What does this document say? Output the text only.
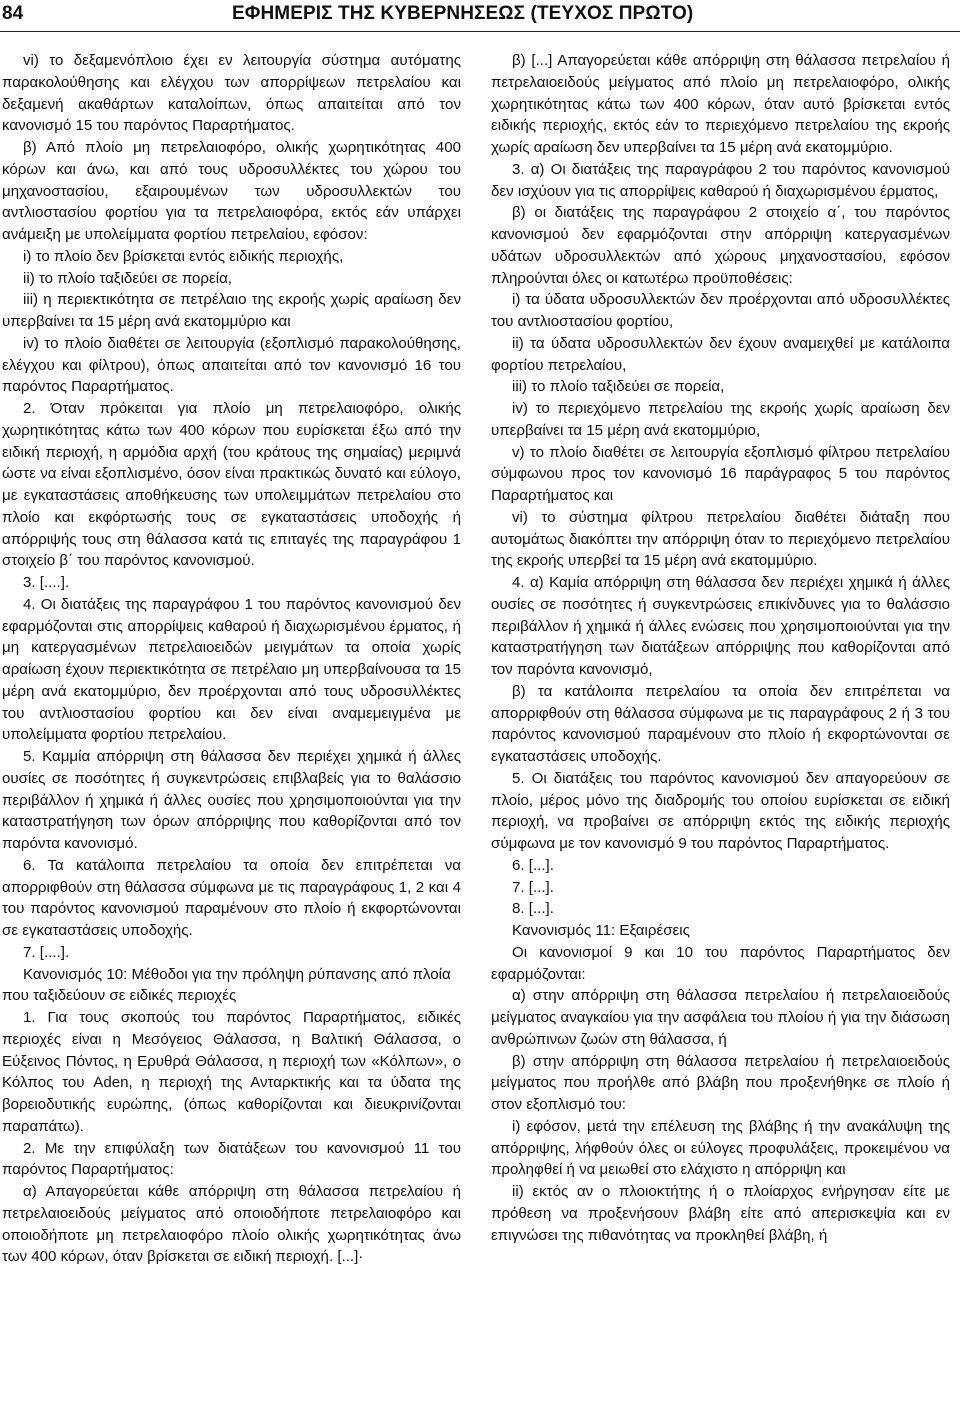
84	ΕΦΗΜΕΡΙΣ ΤΗΣ ΚΥΒΕΡΝΗΣΕΩΣ (ΤΕΥΧΟΣ ΠΡΩΤΟ)

vi) το δεξαμενόπλοιο έχει εν λειτουργία σύστημα αυτόματης παρακολούθησης και ελέγχου των απορρίψεων πετρελαίου και δεξαμενή ακαθάρτων καταλοίπων, όπως απαιτείται από τον κανονισμό 15 του παρόντος Παραρτήματος.

β) Από πλοίο μη πετρελαιοφόρο, ολικής χωρητικότητας 400 κόρων και άνω, και από τους υδροσυλλέκτες του χώρου του μηχανοστασίου, εξαιρουμένων των υδροσυλλεκτών του αντλιοστασίου φορτίου για τα πετρελαιοφόρα, εκτός εάν υπάρχει ανάμειξη με υπολείμματα φορτίου πετρελαίου, εφόσον:

i) το πλοίο δεν βρίσκεται εντός ειδικής περιοχής,

ii) το πλοίο ταξιδεύει σε πορεία,

iii) η περιεκτικότητα σε πετρέλαιο της εκροής χωρίς αραίωση δεν υπερβαίνει τα 15 μέρη ανά εκατομμύριο και

iv) το πλοίο διαθέτει σε λειτουργία (εξοπλισμό παρακολούθησης, ελέγχου και φίλτρου), όπως απαιτείται από τον κανονισμό 16 του παρόντος Παραρτήματος.

2. Όταν πρόκειται για πλοίο μη πετρελαιοφόρο, ολικής χωρητικότητας κάτω των 400 κόρων που ευρίσκεται έξω από την ειδική περιοχή, η αρμόδια αρχή (του κράτους της σημαίας) μεριμνά ώστε να είναι εξοπλισμένο, όσον είναι πρακτικώς δυνατό και εύλογο, με εγκαταστάσεις αποθήκευσης των υπολειμμάτων πετρελαίου στο πλοίο και εκφόρτωσής τους σε εγκαταστάσεις υποδοχής ή απόρριψής τους στη θάλασσα κατά τις επιταγές της παραγράφου 1 στοιχείο β΄ του παρόντος κανονισμού.

3. [....].

4. Οι διατάξεις της παραγράφου 1 του παρόντος κανονισμού δεν εφαρμόζονται στις απορρίψεις καθαρού ή διαχωρισμένου έρματος, ή μη κατεργασμένων πετρελαιοειδών μειγμάτων τα οποία χωρίς αραίωση έχουν περιεκτικότητα σε πετρέλαιο μη υπερβαίνουσα τα 15 μέρη ανά εκατομμύριο, δεν προέρχονται από τους υδροσυλλέκτες του αντλιοστασίου φορτίου και δεν είναι αναμεμειγμένα με υπολείμματα φορτίου πετρελαίου.

5. Καμμία απόρριψη στη θάλασσα δεν περιέχει χημικά ή άλλες ουσίες σε ποσότητες ή συγκεντρώσεις επιβλαβείς για το θαλάσσιο περιβάλλον ή χημικά ή άλλες ουσίες που χρησιμοποιούνται για την καταστρατήγηση των όρων απόρριψης που καθορίζονται από τον παρόντα κανονισμό.

6. Τα κατάλοιπα πετρελαίου τα οποία δεν επιτρέπεται να απορριφθούν στη θάλασσα σύμφωνα με τις παραγράφους 1, 2 και 4 του παρόντος κανονισμού παραμένουν στο πλοίο ή εκφορτώνονται σε εγκαταστάσεις υποδοχής.

7. [....].

Κανονισμός 10: Μέθοδοι για την πρόληψη ρύπανσης από πλοία που ταξιδεύουν σε ειδικές περιοχές

1. Για τους σκοπούς του παρόντος Παραρτήματος, ειδικές περιοχές είναι η Μεσόγειος Θάλασσα, η Βαλτική Θάλασσα, ο Εύξεινος Πόντος, η Ερυθρά Θάλασσα, η περιοχή των «Κόλπων», ο Κόλπος του Aden, η περιοχή της Ανταρκτικής και τα ύδατα της βορειοδυτικής ευρώπης, (όπως καθορίζονται και διευκρινίζονται παραπάτω).

2. Με την επιφύλαξη των διατάξεων του κανονισμού 11 του παρόντος Παραρτήματος:

α) Απαγορεύεται κάθε απόρριψη στη θάλασσα πετρελαίου ή πετρελαιοειδούς μείγματος από οποιοδήποτε πετρελαιοφόρο και οποιοδήποτε μη πετρελαιοφόρο πλοίο ολικής χωρητικότητας άνω των 400 κόρων, όταν βρίσκεται σε ειδική περιοχή. [...]·

β) [...] Απαγορεύεται κάθε απόρριψη στη θάλασσα πετρελαίου ή πετρελαιοειδούς μείγματος από πλοίο μη πετρελαιοφόρο, ολικής χωρητικότητας κάτω των 400 κόρων, όταν αυτό βρίσκεται εντός ειδικής περιοχής, εκτός εάν το περιεχόμενο πετρελαίου της εκροής χωρίς αραίωση δεν υπερβαίνει τα 15 μέρη ανά εκατομμύριο.

3. α) Οι διατάξεις της παραγράφου 2 του παρόντος κανονισμού δεν ισχύουν για τις απορρίψεις καθαρού ή διαχωρισμένου έρματος,

β) οι διατάξεις της παραγράφου 2 στοιχείο α΄, του παρόντος κανονισμού δεν εφαρμόζονται στην απόρριψη κατεργασμένων υδάτων υδροσυλλεκτών από χώρους μηχανοστασίου, εφόσον πληρούνται όλες οι κατωτέρω προϋποθέσεις:

i) τα ύδατα υδροσυλλεκτών δεν προέρχονται από υδροσυλλέκτες του αντλιοστασίου φορτίου,

ii) τα ύδατα υδροσυλλεκτών δεν έχουν αναμειχθεί με κατάλοιπα φορτίου πετρελαίου,

iii) το πλοίο ταξιδεύει σε πορεία,

iv) το περιεχόμενο πετρελαίου της εκροής χωρίς αραίωση δεν υπερβαίνει τα 15 μέρη ανά εκατομμύριο,

v) το πλοίο διαθέτει σε λειτουργία εξοπλισμό φίλτρου πετρελαίου σύμφωνου προς τον κανονισμό 16 παράγραφος 5 του παρόντος Παραρτήματος και

vi) το σύστημα φίλτρου πετρελαίου διαθέτει διάταξη που αυτομάτως διακόπτει την απόρριψη όταν το περιεχόμενο πετρελαίου της εκροής υπερβεί τα 15 μέρη ανά εκατομμύριο.

4. α) Καμία απόρριψη στη θάλασσα δεν περιέχει χημικά ή άλλες ουσίες σε ποσότητες ή συγκεντρώσεις επικίνδυνες για το θαλάσσιο περιβάλλον ή χημικά ή άλλες ενώσεις που χρησιμοποιούνται για την καταστρατήγηση των διατάξεων απόρριψης που καθορίζονται από τον παρόντα κανονισμό,

β) τα κατάλοιπα πετρελαίου τα οποία δεν επιτρέπεται να απορριφθούν στη θάλασσα σύμφωνα με τις παραγράφους 2 ή 3 του παρόντος κανονισμού παραμένουν στο πλοίο ή εκφορτώνονται σε εγκαταστάσεις υποδοχής.

5. Οι διατάξεις του παρόντος κανονισμού δεν απαγορεύουν σε πλοίο, μέρος μόνο της διαδρομής του οποίου ευρίσκεται σε ειδική περιοχή, να προβαίνει σε απόρριψη εκτός της ειδικής περιοχής σύμφωνα με τον κανονισμό 9 του παρόντος Παραρτήματος.

6. [...].

7. [...].

8. [...].

Κανονισμός 11: Εξαιρέσεις

Οι κανονισμοί 9 και 10 του παρόντος Παραρτήματος δεν εφαρμόζονται:

α) στην απόρριψη στη θάλασσα πετρελαίου ή πετρελαιοειδούς μείγματος αναγκαίου για την ασφάλεια του πλοίου ή για την διάσωση ανθρώπινων ζωών στη θάλασσα, ή

β) στην απόρριψη στη θάλασσα πετρελαίου ή πετρελαιοειδούς μείγματος που προήλθε από βλάβη που προξενήθηκε σε πλοίο ή στον εξοπλισμό του:

i) εφόσον, μετά την επέλευση της βλάβης ή την ανακάλυψη της απόρριψης, λήφθούν όλες οι εύλογες προφυλάξεις, προκειμένου να προληφθεί ή να μειωθεί στο ελάχιστο η απόρριψη και

ii) εκτός αν ο πλοιοκτήτης ή ο πλοίαρχος ενήργησαν είτε με πρόθεση να προξενήσουν βλάβη είτε από απερισκεψία και εν επιγνώσει της πιθανότητας να προκληθεί βλάβη, ή
